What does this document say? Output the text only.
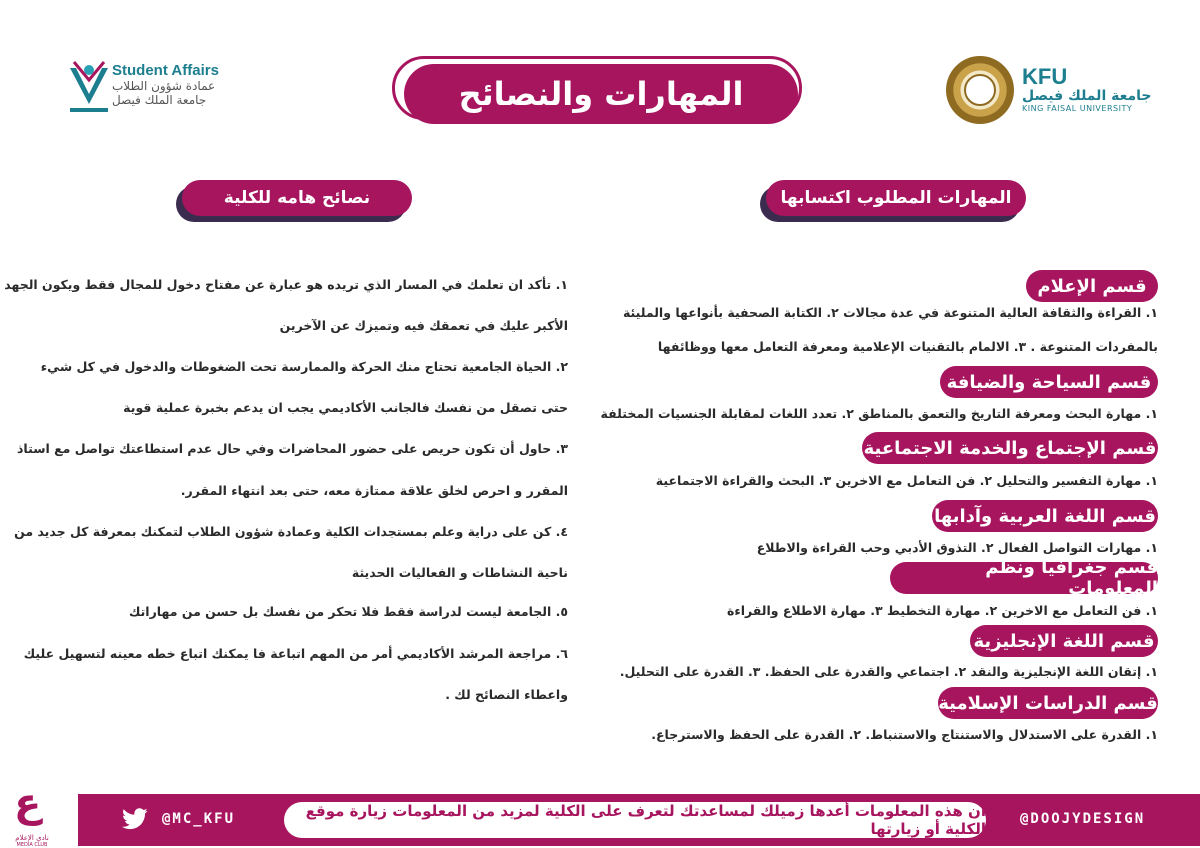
المهارات والنصائح	KFU
جامعة الملك فيصل
KING FAISAL UNIVERSITY
Student Affairs
عمادة شؤون الطلاب
جامعة الملك فيصل
المهارات المطلوب اكتسابها
نصائح هامه للكلية
قسم الإعلام
١. القراءة والثقافة العالية المتنوعة في عدة مجالات ٢. الكتابة الصحفية بأنواعها والمليئة
بالمفردات المتنوعة . ٣. الالمام بالتقنيات الإعلامية ومعرفة التعامل معها ووظائفها
قسم السياحة والضيافة
١. مهارة البحث ومعرفة التاريخ والتعمق بالمناطق ٢. تعدد اللغات لمقابلة الجنسيات المختلفة
قسم الإجتماع والخدمة الاجتماعية
١. مهارة التفسير والتحليل ٢. فن التعامل مع الاخرين ٣. البحث والقراءة الاجتماعية
قسم اللغة العربية وآدابها
١. مهارات التواصل الفعال ٢. التذوق الأدبي وحب القراءة والاطلاع
قسم جغرافيا ونظم المعلومات
١. فن التعامل مع الاخرين ٢. مهارة التخطيط ٣. مهارة الاطلاع والقراءة
قسم اللغة الإنجليزية
١. إتقان اللغة الإنجليزية والنقد ٢. اجتماعي والقدرة على الحفظ. ٣. القدرة على التحليل.
قسم الدراسات الإسلامية
١. القدرة على الاستدلال والاستنتاج والاستنباط. ٢. القدرة على الحفظ والاسترجاع.
١. تأكد ان تعلمك في المسار الذي تريده هو عبارة عن مفتاح دخول للمجال فقط ويكون الجهد
الأكبر عليك في تعمقك فيه وتميزك عن الآخرين
٢. الحياة الجامعية تحتاج منك الحركة والممارسة تحت الضغوطات والدخول في كل شيء
حتى تصقل من نفسك فالجانب الأكاديمي يجب ان يدعم بخبرة عملية قوية
٣. حاول أن تكون حريص على حضور المحاضرات وفي حال عدم استطاعتك تواصل مع استاذ
المقرر و احرص لخلق علاقة ممتازة معه، حتى بعد انتهاء المقرر.
٤. كن على دراية وعلم بمستجدات الكلية وعمادة شؤون الطلاب لتمكنك بمعرفة كل جديد من
ناحية النشاطات و الفعاليات الحديثة
٥. الجامعة ليست لدراسة فقط فلا تحكر من نفسك بل حسن من مهاراتك
٦. مراجعة المرشد الأكاديمي أمر من المهم اتباعة فا يمكنك اتباع خطه معينه لتسهيل عليك
واعطاء النصائح لك .
ان هذه المعلومات أعدها زميلك لمساعدتك لتعرف على الكلية لمزيد من المعلومات زيارة موقع الكلية أو زيارتها
@MC_KFU	@DOOJYDESIGN
ع
نادي الإعلام
MEDIA CLUB
